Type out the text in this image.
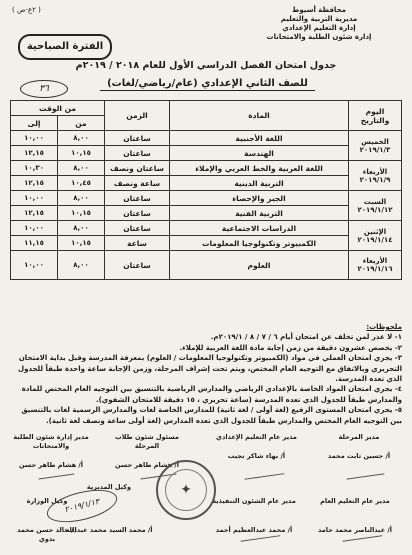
( ٢ع-ص )	محافظة أسيوط
مديرية التربية والتعليم
إدارة التعليم الإعدادي
إدارة شئون الطلبة والامتحانات
الفترة الصباحية
جدول امتحان الفصل الدراسي الأول للعام ٢٠١٨ / ٢٠١٩م
للصف الثاني الإعدادي (عام/رياضي/لغات)
٣٦
اليوم والتاريخ	المادة	الزمن	من الوقت	
			من	إلى

الخميس
٢٠١٩/١/٣	اللغة الأجنبية	ساعتان	٨,٠٠	١٠,٠٠
	الهندسة	ساعتان	١٠,١٥	١٢,١٥

الأربعاء
٢٠١٩/١/٩	اللغة العربية والخط العربي والإملاء	ساعتان ونصف	٨,٠٠	١٠,٣٠
	التربية الدينية	ساعة ونصف	١٠,٤٥	١٢,١٥

السبت
٢٠١٩/١/١٢	الجبر والإحصاء	ساعتان	٨,٠٠	١٠,٠٠
	التربية الفنية	ساعتان	١٠,١٥	١٢,١٥

الإثنين
٢٠١٩/١/١٤	الدراسات الاجتماعية	ساعتان	٨,٠٠	١٠,٠٠
	الكمبيوتر وتكنولوجيا المعلومات	ساعة	١٠,١٥	١١,١٥

الأربعاء
٢٠١٩/١/١٦	العلوم	ساعتان	٨,٠٠	١٠,٠٠

ملحوظات:

١- لا عذر لمن تخلف عن امتحان أيام ٦ / ٧ / ٨ / ٢٠١٩/١م.

٢- يخصص عشرون دقيقة من زمن إجابة مادة اللغة العربية للإملاء.

٣- يجري امتحان العملي في مواد (الكمبيوتر وتكنولوجيا المعلومات / العلوم) بمعرفة المدرسة وقبل بداية الامتحان التحريري وبالاتفاق مع التوجيه العام المختص، ويتم تحت إشراف المرحلة، وزمن الإجابة ساعة واحدة طبقاً للجدول الذي تعده المدرسة.

٤- يجري امتحان المواد الخاصة بالإعدادي الرياضي والمدارس الرياضية بالتنسيق بين التوجيه العام المختص للمادة والمدارس طبقاً للجدول الذي تعده المدرسة (ساعة تحريري ، ١٥ دقيقة للامتحان الشفوي).

٥- يجري امتحان المستوى الرفيع (لغة أولى / لغة ثانية) للمدارس الخاصة لغات والمدارس الرسمية لغات بالتنسيق بين التوجيه العام المختص والمدارس طبقاً للجدول الذي تعده المدارس (لغة أولى ساعة ونصف لغة ثانية).

مدير المرحلة
أ/ حسين ثابت محمد
مدير عام التعليم الإعدادي
أ/ بهاء شاكر نجيب
مسئول شئون طلاب المرحلة
أ/ هشام طاهر حسن
مدير إدارة شئون الطلبة والامتحانات
أ/ هشام طاهر حسن
مدير عام التعليم العام
أ/ عبدالناصر محمد حامد
مدير عام الشئون التنفيذية
أ/ محمد عبدالعظيم أحمد
وكيل المديرية
أ/ محمد السيد محمد عبدالله
وكيل الوزارة
د/ خالد حسن محمد بدوي
✦
٢٠١٩/١/١٣
